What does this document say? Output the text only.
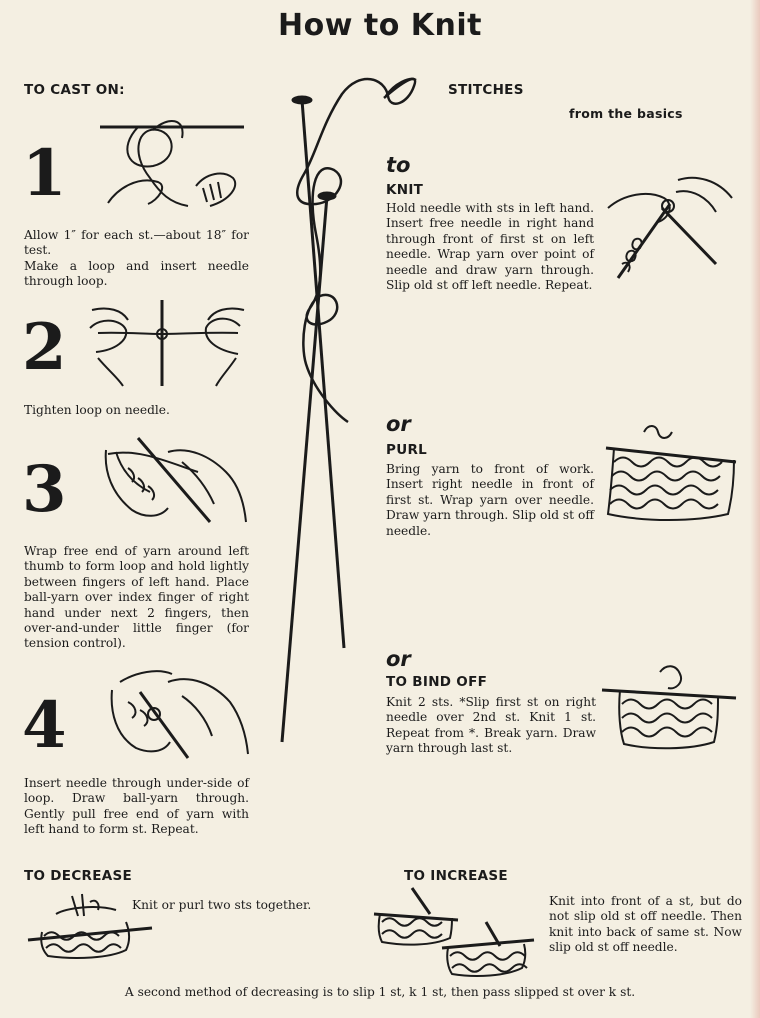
How to Knit
TO CAST ON:
1

Allow 1″ for each st.—about 18″ for test.

Make a loop and insert needle through loop.

2

Tighten loop on needle.

3

Wrap free end of yarn around left thumb to form loop and hold lightly between fingers of left hand. Place ball-yarn over index finger of right hand under next 2 fingers, then over-and-under little finger (for tension control).

4

Insert needle through under-side of loop. Draw ball-yarn through. Gently pull free end of yarn with left hand to form st. Repeat.

STITCHES
from the basics
to
KNIT
Hold needle with sts in left hand. Insert free needle in right hand through front of first st on left needle. Wrap yarn over point of needle and draw yarn through. Slip old st off left needle. Repeat.
or
PURL
Bring yarn to front of work. Insert right needle in front of first st. Wrap yarn over needle. Draw yarn through. Slip old st off needle.
or
TO BIND OFF
Knit 2 sts. *Slip first st on right needle over 2nd st. Knit 1 st. Repeat from *. Break yarn. Draw yarn through last st.
TO DECREASE
Knit or purl two sts together.
TO INCREASE
Knit into front of a st, but do not slip old st off needle. Then knit into back of same st. Now slip old st off needle.
A second method of decreasing is to slip 1 st, k 1 st, then pass slipped st over k st.
